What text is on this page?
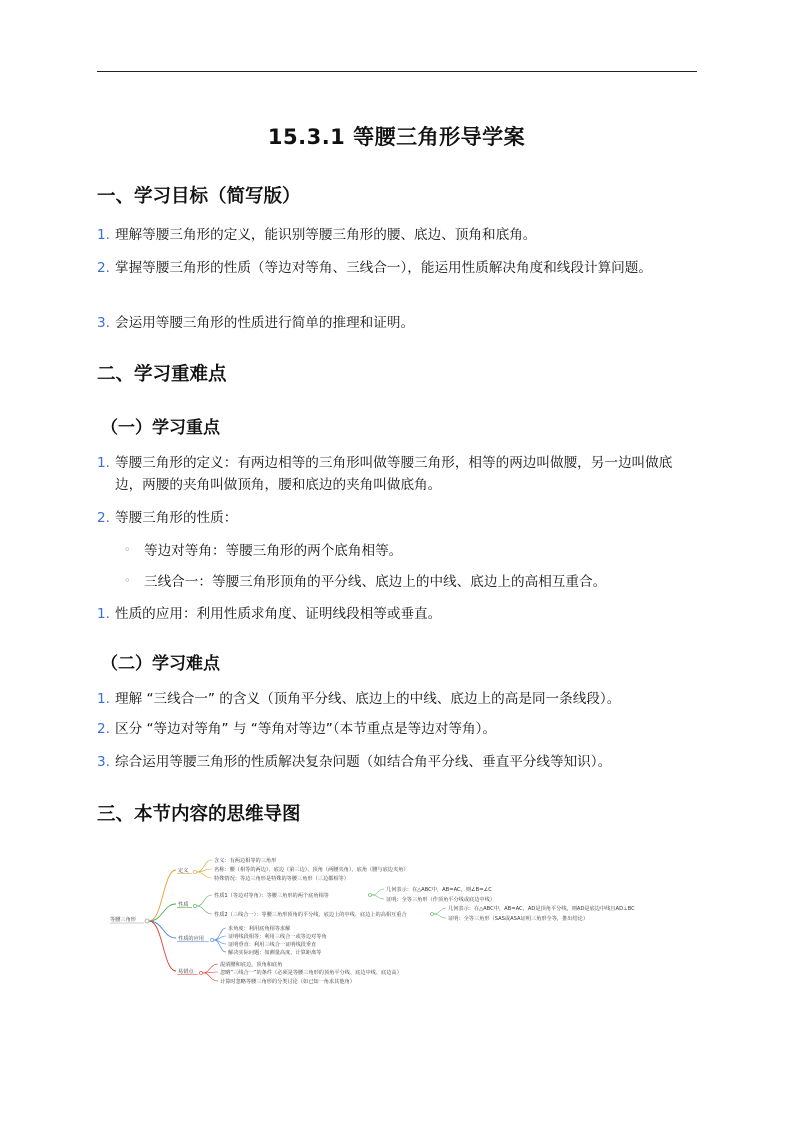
15.3.1 等腰三角形导学案
一、学习目标（简写版）
1. 理解等腰三角形的定义，能识别等腰三角形的腰、底边、顶角和底角。
2. 掌握等腰三角形的性质（等边对等角、三线合一），能运用性质解决角度和线段计算问题。
3. 会运用等腰三角形的性质进行简单的推理和证明。
二、学习重难点
（一）学习重点
1. 等腰三角形的定义：有两边相等的三角形叫做等腰三角形，相等的两边叫做腰，另一边叫做底边，两腰的夹角叫做顶角，腰和底边的夹角叫做底角。
2. 等腰三角形的性质：
◦ 等边对等角：等腰三角形的两个底角相等。
◦ 三线合一：等腰三角形顶角的平分线、底边上的中线、底边上的高相互重合。
1. 性质的应用：利用性质求角度、证明线段相等或垂直。
（二）学习难点
1. 理解 “三线合一” 的含义（顶角平分线、底边上的中线、底边上的高是同一条线段）。
2. 区分 “等边对等角” 与 “等角对等边”（本节重点是等边对等角）。
3. 综合运用等腰三角形的性质解决复杂问题（如结合角平分线、垂直平分线等知识）。
三、本节内容的思维导图
等腰三角形
定义
含义：有两边相等的三角形
名称：腰（相等的两边）、底边（第三边）、顶角（两腰夹角）、底角（腰与底边夹角）
特殊情况：等边三角形是特殊的等腰三角形（三边都相等）
性质
性质1（等边对等角）：等腰三角形的两个底角相等
几何表示：在△ABC中，AB=AC，则∠B=∠C
证明：全等三角形（作顶角平分线或底边中线）
性质2（三线合一）：等腰三角形顶角的平分线、底边上的中线、底边上的高相互重合
几何表示：在△ABC中，AB=AC，AD是顶角平分线，则AD是底边中线且AD⊥BC
证明：全等三角形（SAS或ASA证明三角形全等，推出结论）
性质的应用
求角度：利用底角相等求解
证明线段相等：利用三线合一或等边对等角
证明垂直：利用三线合一证明线段垂直
解决实际问题：如测量高度、计算距离等
易错点
混淆腰和底边，顶角和底角
忽略“三线合一”的条件（必须是等腰三角形的顶角平分线、底边中线、底边高）
计算时忽略等腰三角形的分类讨论（如已知一角求其他角）
